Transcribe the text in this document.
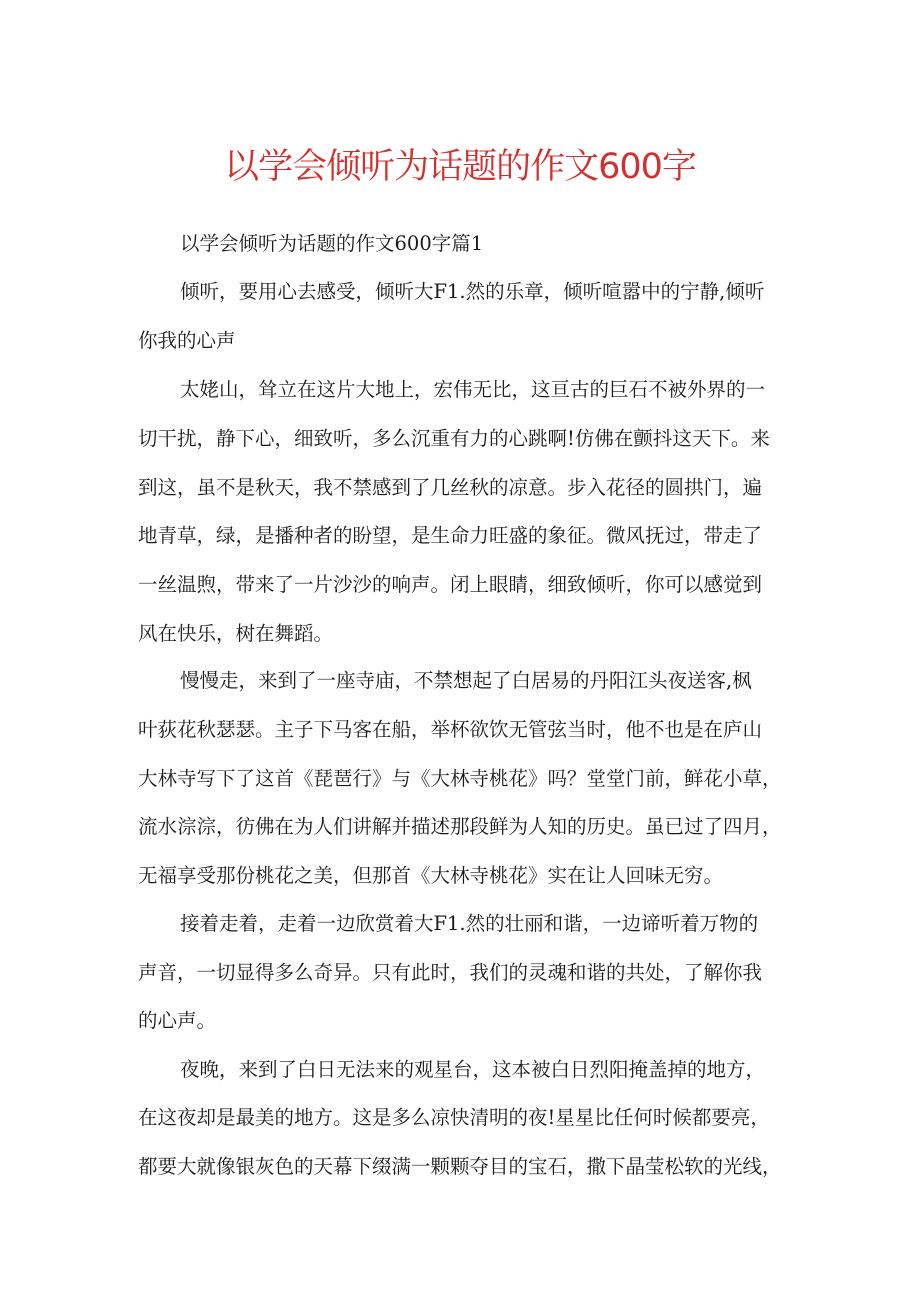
以学会倾听为话题的作文600字
以学会倾听为话题的作文600字篇1
倾听，要用心去感受，倾听大F1.然的乐章，倾听喧嚣中的宁静,倾听
你我的心声
太姥山，耸立在这片大地上，宏伟无比，这亘古的巨石不被外界的一
切干扰，静下心，细致听，多么沉重有力的心跳啊!仿佛在颤抖这天下。来
到这，虽不是秋天，我不禁感到了几丝秋的凉意。步入花径的圆拱门，遍
地青草，绿，是播种者的盼望，是生命力旺盛的象征。微风抚过，带走了
一丝温煦，带来了一片沙沙的响声。闭上眼睛，细致倾听，你可以感觉到
风在快乐，树在舞蹈。
慢慢走，来到了一座寺庙，不禁想起了白居易的丹阳江头夜送客,枫
叶荻花秋瑟瑟。主子下马客在船，举杯欲饮无管弦当时，他不也是在庐山
大林寺写下了这首《琵琶行》与《大林寺桃花》吗？堂堂门前，鲜花小草，
流水淙淙，彷佛在为人们讲解并描述那段鲜为人知的历史。虽已过了四月，
无福享受那份桃花之美，但那首《大林寺桃花》实在让人回味无穷。
接着走着，走着一边欣赏着大F1.然的壮丽和谐，一边谛听着万物的
声音，一切显得多么奇异。只有此时，我们的灵魂和谐的共处，了解你我
的心声。
夜晚，来到了白日无法来的观星台，这本被白日烈阳掩盖掉的地方，
在这夜却是最美的地方。这是多么凉快清明的夜!星星比任何时候都要亮，
都要大就像银灰色的天幕下缀满一颗颗夺目的宝石，撒下晶莹松软的光线，
